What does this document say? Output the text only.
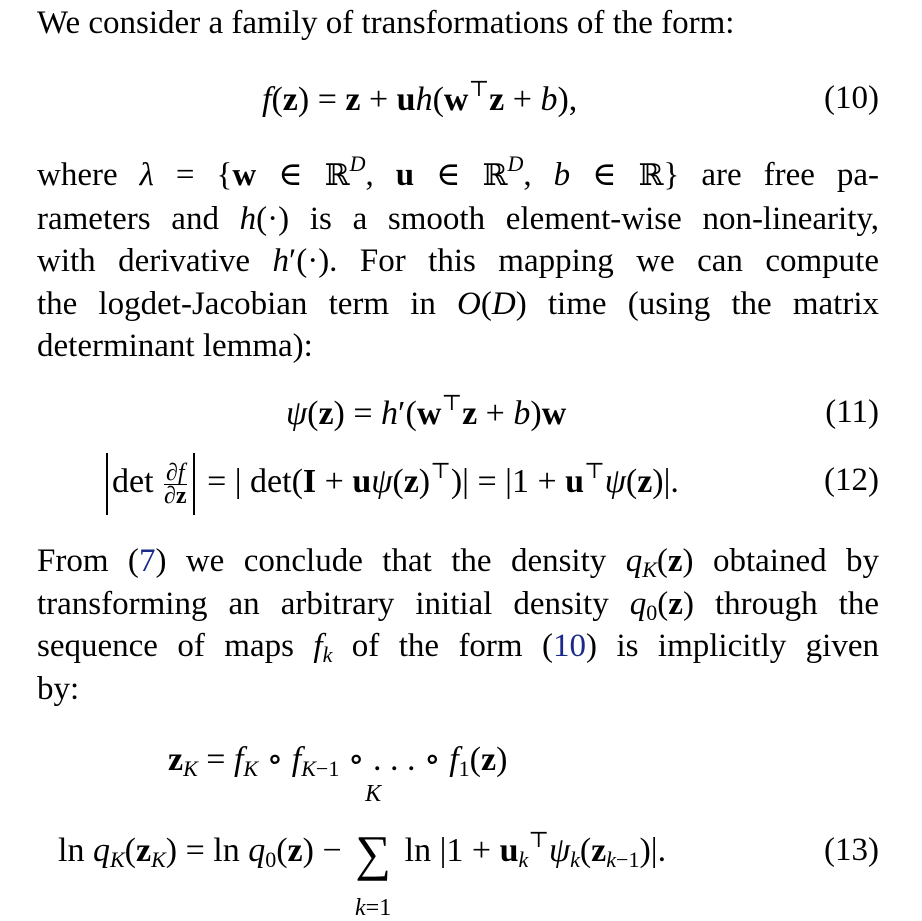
We consider a family of transformations of the form:

f(z) = z + uh(w⊤z + b),	(10)

where λ = {w ∈ ℝ$^D$, u ∈ ℝ$^D$, b ∈ ℝ} are free pa-
rameters and h(·) is a smooth element-wise non-linearity,
with derivative h′(·). For this mapping we can compute
the logdet-Jacobian term in O(D) time (using the matrix
determinant lemma):

ψ(z) = h′(w⊤z + b)w	(11)
$\det \frac{\partial f}{\partial z}$ = | det(I + uψ(z)⊤)| = |1 + u⊤ψ(z)|.	(12)

From (7) we conclude that the density $q_K(z)$ obtained by
transforming an arbitrary initial density $q_0(z)$ through the
sequence of maps $f_k$ of the form (10) is implicitly given
by:

$z_K = f_K$ ∘ $f_{K-1}$ ∘ . . . ∘ $f_1(z)$
$\ln q_K(z_K) = \ln q_0(z)$ − ∑
K
k=1
$\ln |1 + u_k^⊤\psi_k(z_{k-1})|$.	(13)
